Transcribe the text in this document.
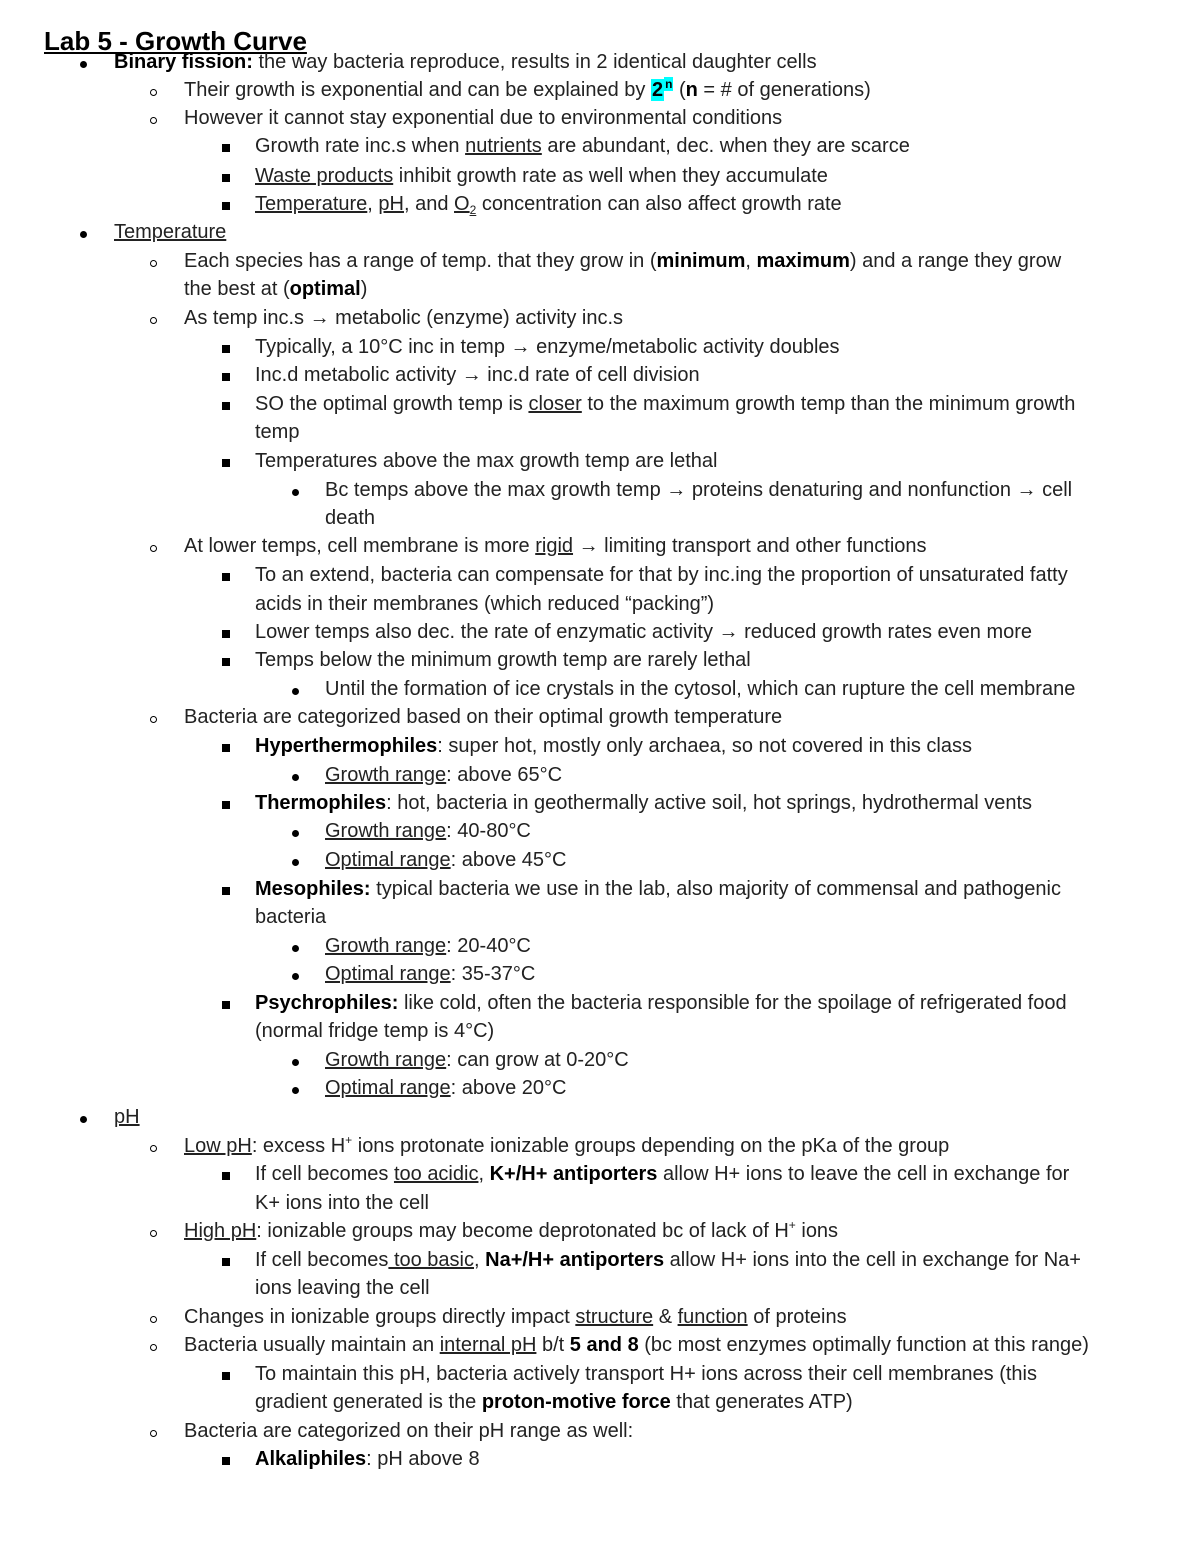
Lab 5 - Growth Curve
Binary fission: the way bacteria reproduce, results in 2 identical daughter cells
Their growth is exponential and can be explained by 2 $^n$ (n = # of generations)
However it cannot stay exponential due to environmental conditions
Growth rate inc.s when nutrients are abundant, dec. when they are scarce
Waste products inhibit growth rate as well when they accumulate
Temperature, pH, and $O_2$ concentration can also affect growth rate
Temperature
Each species has a range of temp. that they grow in (minimum, maximum) and a range they grow
the best at (optimal)
As temp inc.s → metabolic (enzyme) activity inc.s
Typically, a 10°C inc in temp → enzyme/metabolic activity doubles
Inc.d metabolic activity → inc.d rate of cell division
SO the optimal growth temp is closer to the maximum growth temp than the minimum growth
temp
Temperatures above the max growth temp are lethal
Bc temps above the max growth temp → proteins denaturing and nonfunction → cell
death
At lower temps, cell membrane is more rigid → limiting transport and other functions
To an extend, bacteria can compensate for that by inc.ing the proportion of unsaturated fatty
acids in their membranes (which reduced “packing”)
Lower temps also dec. the rate of enzymatic activity → reduced growth rates even more
Temps below the minimum growth temp are rarely lethal
Until the formation of ice crystals in the cytosol, which can rupture the cell membrane
Bacteria are categorized based on their optimal growth temperature
Hyperthermophiles: super hot, mostly only archaea, so not covered in this class
Growth range: above 65°C
Thermophiles: hot, bacteria in geothermally active soil, hot springs, hydrothermal vents
Growth range: 40-80°C
Optimal range: above 45°C
Mesophiles: typical bacteria we use in the lab, also majority of commensal and pathogenic
bacteria
Growth range: 20-40°C
Optimal range: 35-37°C
Psychrophiles: like cold, often the bacteria responsible for the spoilage of refrigerated food
(normal fridge temp is 4°C)
Growth range: can grow at 0-20°C
Optimal range: above 20°C
pH
Low pH: excess H+ ions protonate ionizable groups depending on the pKa of the group
If cell becomes too acidic, K+/H+ antiporters allow H+ ions to leave the cell in exchange for
K+ ions into the cell
High pH: ionizable groups may become deprotonated bc of lack of H+ ions
If cell becomes too basic, Na+/H+ antiporters allow H+ ions into the cell in exchange for Na+
ions leaving the cell
Changes in ionizable groups directly impact structure & function of proteins
Bacteria usually maintain an internal pH b/t 5 and 8 (bc most enzymes optimally function at this range)
To maintain this pH, bacteria actively transport H+ ions across their cell membranes (this
gradient generated is the proton-motive force that generates ATP)
Bacteria are categorized on their pH range as well:
Alkaliphiles: pH above 8
